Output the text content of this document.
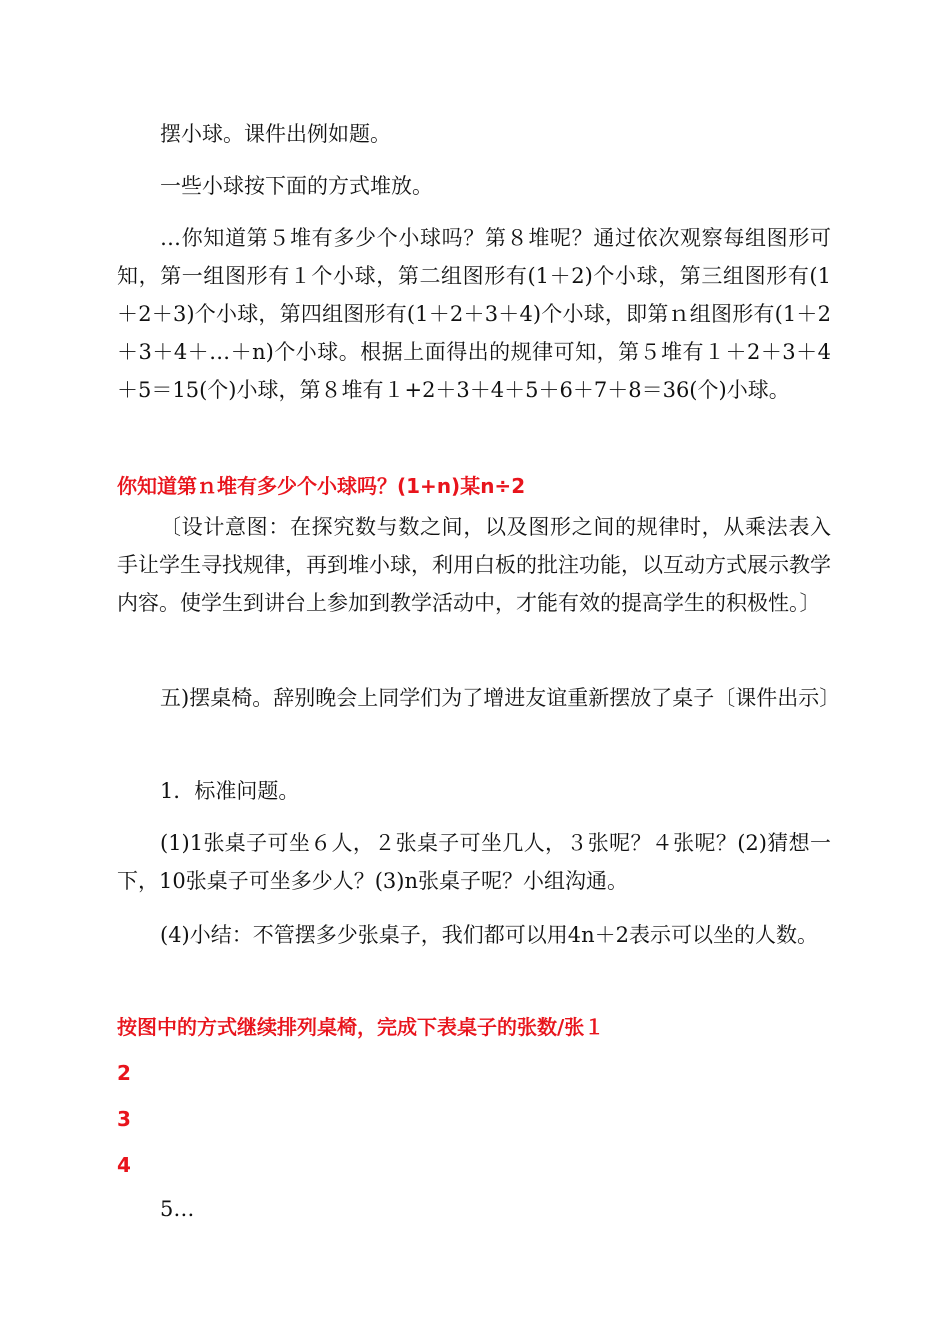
摆小球。课件出例如题。

一些小球按下面的方式堆放。

…你知道第５堆有多少个小球吗？第８堆呢？通过依次观察每组图形可知，第一组图形有１个小球，第二组图形有(1＋2)个小球，第三组图形有(1＋2＋3)个小球，第四组图形有(1＋2＋3＋4)个小球，即第ｎ组图形有(1＋2＋3＋4＋…＋n)个小球。根据上面得出的规律可知，第５堆有１＋2＋3＋4＋5＝15(个)小球，第８堆有１+2＋3＋4＋5＋6＋7＋8＝36(个)小球。

你知道第ｎ堆有多少个小球吗？(1+n)某n÷2

〔设计意图：在探究数与数之间，以及图形之间的规律时，从乘法表入手让学生寻找规律，再到堆小球，利用白板的批注功能，以互动方式展示教学内容。使学生到讲台上参加到教学活动中，才能有效的提高学生的积极性。〕

五)摆桌椅。辞别晚会上同学们为了增进友谊重新摆放了桌子〔课件出示〕

1．标准问题。

(1)1张桌子可坐６人，２张桌子可坐几人，３张呢？４张呢？(2)猜想一下，10张桌子可坐多少人？(3)n张桌子呢？小组沟通。

(4)小结：不管摆多少张桌子，我们都可以用4n＋2表示可以坐的人数。

按图中的方式继续排列桌椅，完成下表桌子的张数/张１

2

3

4

5…
